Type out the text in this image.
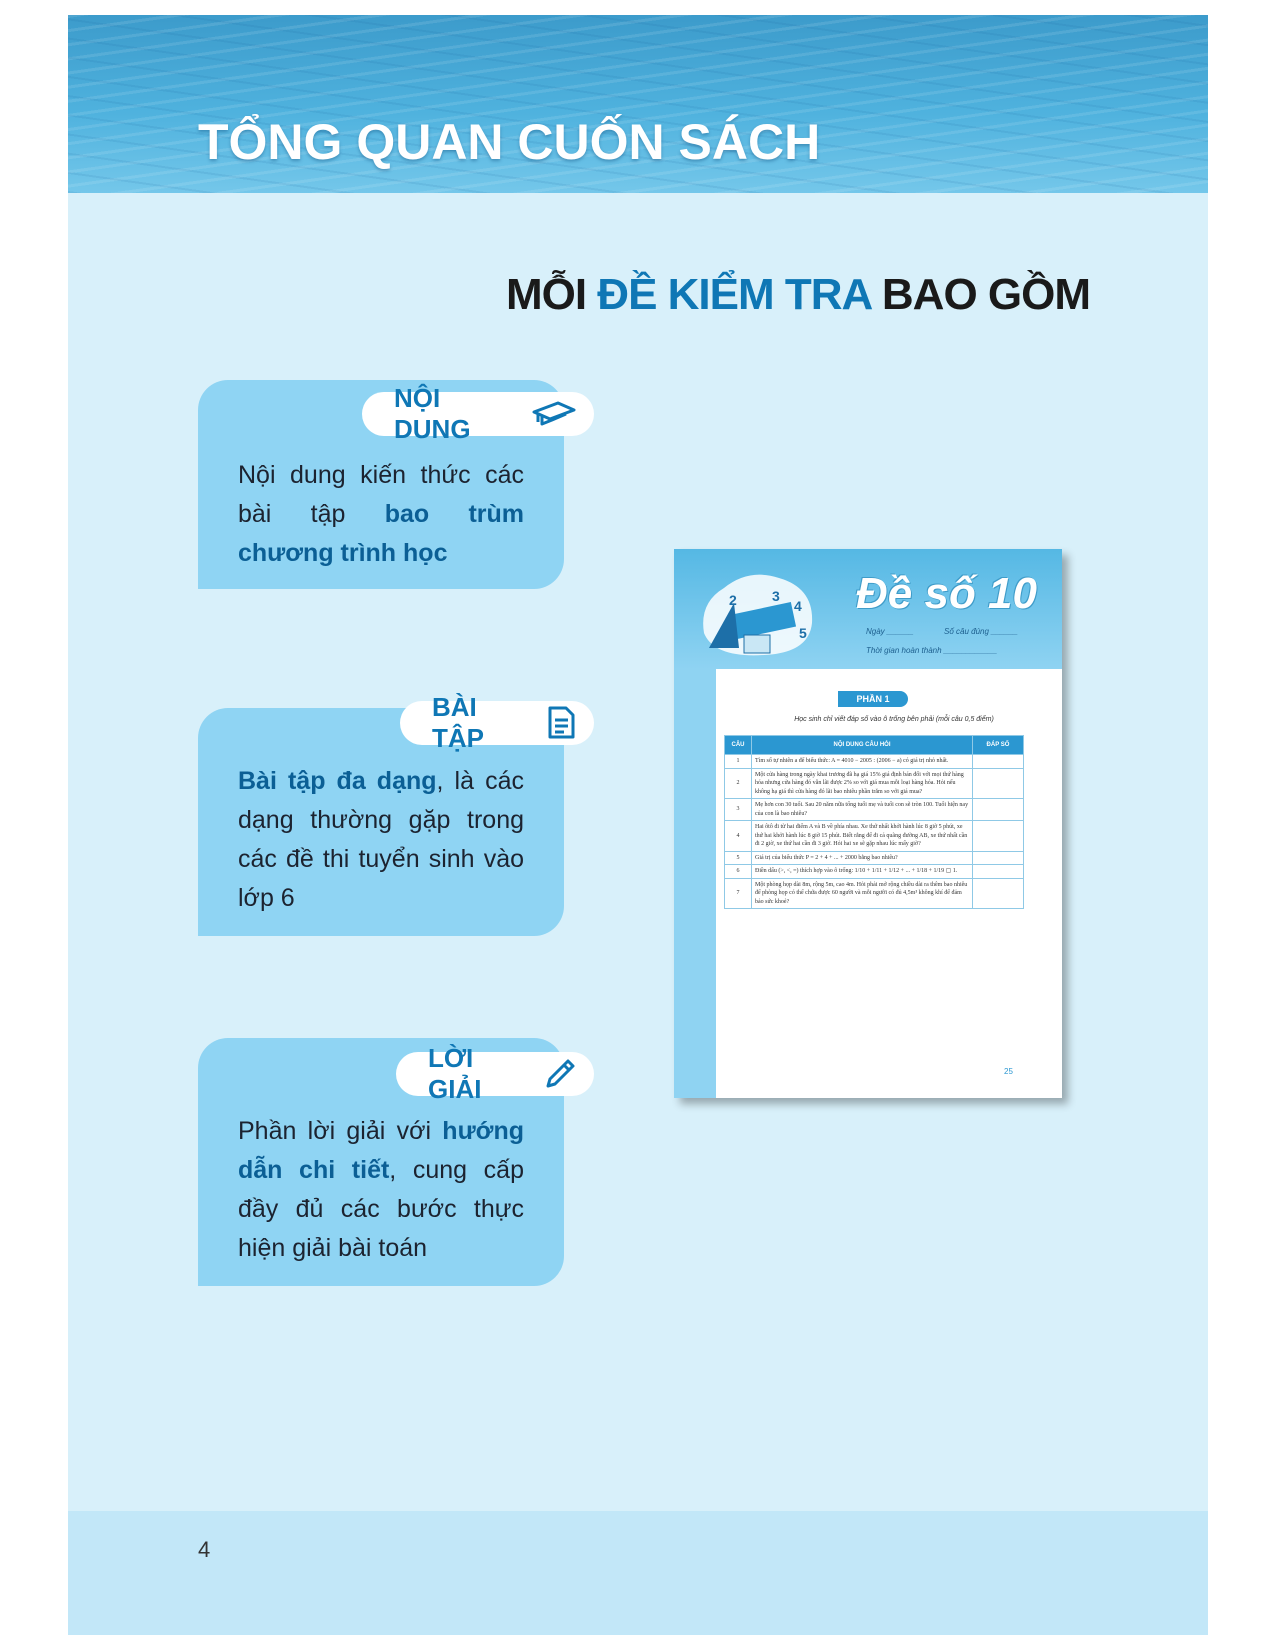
TỔNG QUAN CUỐN SÁCH
MỖI ĐỀ KIỂM TRA BAO GỒM
Nội dung kiến thức các bài tập bao trùm chương trình học
NỘI DUNG
Bài tập đa dạng, là các dạng thường gặp trong các đề thi tuyển sinh vào lớp 6
BÀI TẬP
Phần lời giải với hướng dẫn chi tiết, cung cấp đầy đủ các bước thực hiện giải bài toán
LỜI GIẢI
2	3
4
5
Đề số 10
Ngày ______	Số câu đúng ______
Thời gian hoàn thành ____________
PHẦN 1
Học sinh chỉ viết đáp số vào ô trống bên phải (mỗi câu 0,5 điểm)
CÂU	NỘI DUNG CÂU HỎI	ĐÁP SỐ
1	Tìm số tự nhiên a để biểu thức: A = 4010 − 2005 : (2006 − a) có giá trị nhỏ nhất.	
2	Một cửa hàng trong ngày khai trương đã hạ giá 15% giá định bán đối với mọi thứ hàng hóa nhưng cửa hàng đó vẫn lãi được 2% so với giá mua mỗi loại hàng hóa. Hỏi nếu không hạ giá thì cửa hàng đó lãi bao nhiêu phần trăm so với giá mua?	
3	Mẹ hơn con 30 tuổi. Sau 20 năm nữa tổng tuổi mẹ và tuổi con sẽ tròn 100. Tuổi hiện nay của con là bao nhiêu?	
4	Hai ôtô đi từ hai điểm A và B về phía nhau. Xe thứ nhất khởi hành lúc 8 giờ 5 phút, xe thứ hai khởi hành lúc 8 giờ 15 phút. Biết rằng để đi cả quãng đường AB, xe thứ nhất cần đi 2 giờ, xe thứ hai cần đi 3 giờ. Hỏi hai xe sẽ gặp nhau lúc mấy giờ?	
5	Giá trị của biểu thức P = 2 + 4 + ... + 2000 bằng bao nhiêu?	
6	Điền dấu (>, <, =) thích hợp vào ô trống: 1/10 + 1/11 + 1/12 + ... + 1/18 + 1/19 ▢ 1.	
7	Một phòng họp dài 8m, rộng 5m, cao 4m. Hỏi phải mở rộng chiều dài ra thêm bao nhiêu để phòng họp có thể chứa được 60 người và mỗi người có đủ 4,5m³ không khí để đảm bảo sức khoẻ?	
25
4
